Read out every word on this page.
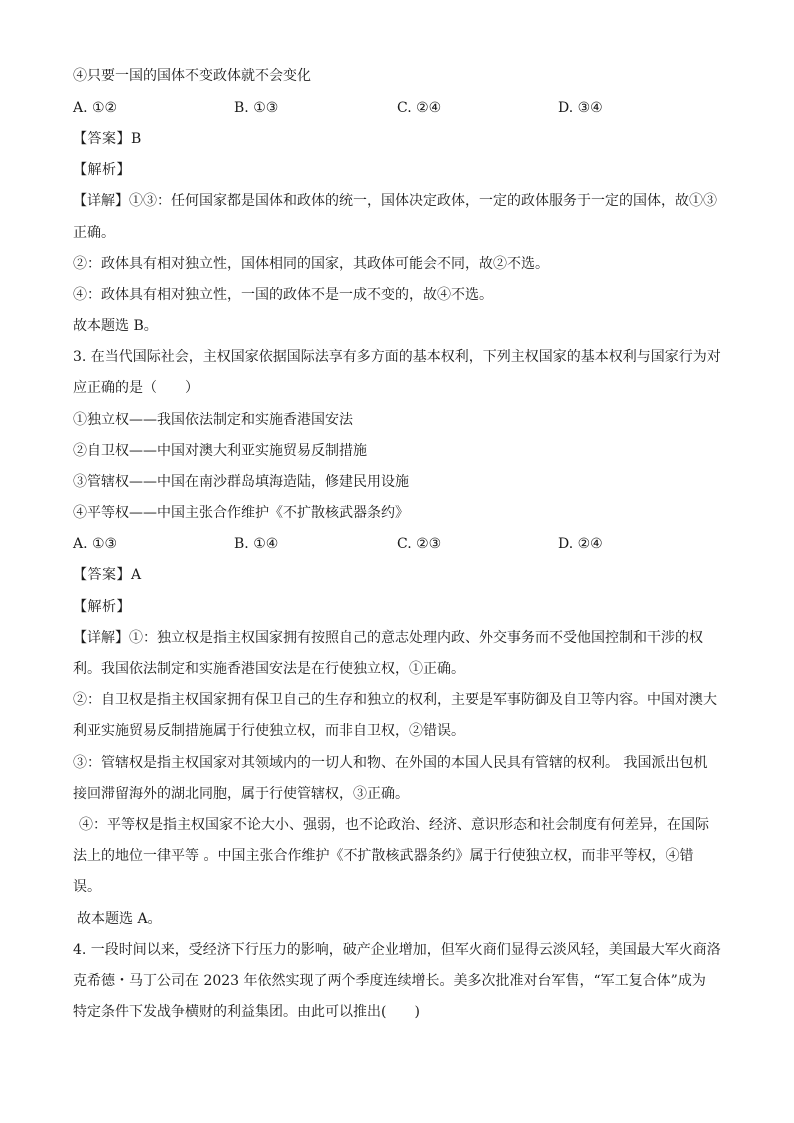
④只要一国的国体不变政体就不会变化
A. ①②	B. ①③	C. ②④	D. ③④
【答案】B
【解析】
【详解】①③：任何国家都是国体和政体的统一，国体决定政体，一定的政体服务于一定的国体，故①③
正确。
②：政体具有相对独立性，国体相同的国家，其政体可能会不同，故②不选。
④：政体具有相对独立性，一国的政体不是一成不变的，故④不选。
故本题选 B。
3. 在当代国际社会，主权国家依据国际法享有多方面的基本权利，下列主权国家的基本权利与国家行为对
应正确的是（　　）
①独立权——我国依法制定和实施香港国安法
②自卫权——中国对澳大利亚实施贸易反制措施
③管辖权——中国在南沙群岛填海造陆，修建民用设施
④平等权——中国主张合作维护《不扩散核武器条约》
A. ①③	B. ①④	C. ②③	D. ②④
【答案】A
【解析】
【详解】①：独立权是指主权国家拥有按照自己的意志处理内政、外交事务而不受他国控制和干涉的权
利。我国依法制定和实施香港国安法是在行使独立权，①正确。
②：自卫权是指主权国家拥有保卫自己的生存和独立的权利，主要是军事防御及自卫等内容。中国对澳大
利亚实施贸易反制措施属于行使独立权，而非自卫权，②错误。
③：管辖权是指主权国家对其领域内的一切人和物、在外国的本国人民具有管辖的权利。 我国派出包机
接回滞留海外的湖北同胞，属于行使管辖权，③正确。
④：平等权是指主权国家不论大小、强弱，也不论政治、经济、意识形态和社会制度有何差异，在国际
法上的地位一律平等 。中国主张合作维护《不扩散核武器条约》属于行使独立权，而非平等权，④错
误。
故本题选 A。
4. 一段时间以来，受经济下行压力的影响，破产企业增加，但军火商们显得云淡风轻，美国最大军火商洛
克希德・马丁公司在 2023 年依然实现了两个季度连续增长。美多次批准对台军售，“军工复合体”成为
特定条件下发战争横财的利益集团。由此可以推出(　　)
